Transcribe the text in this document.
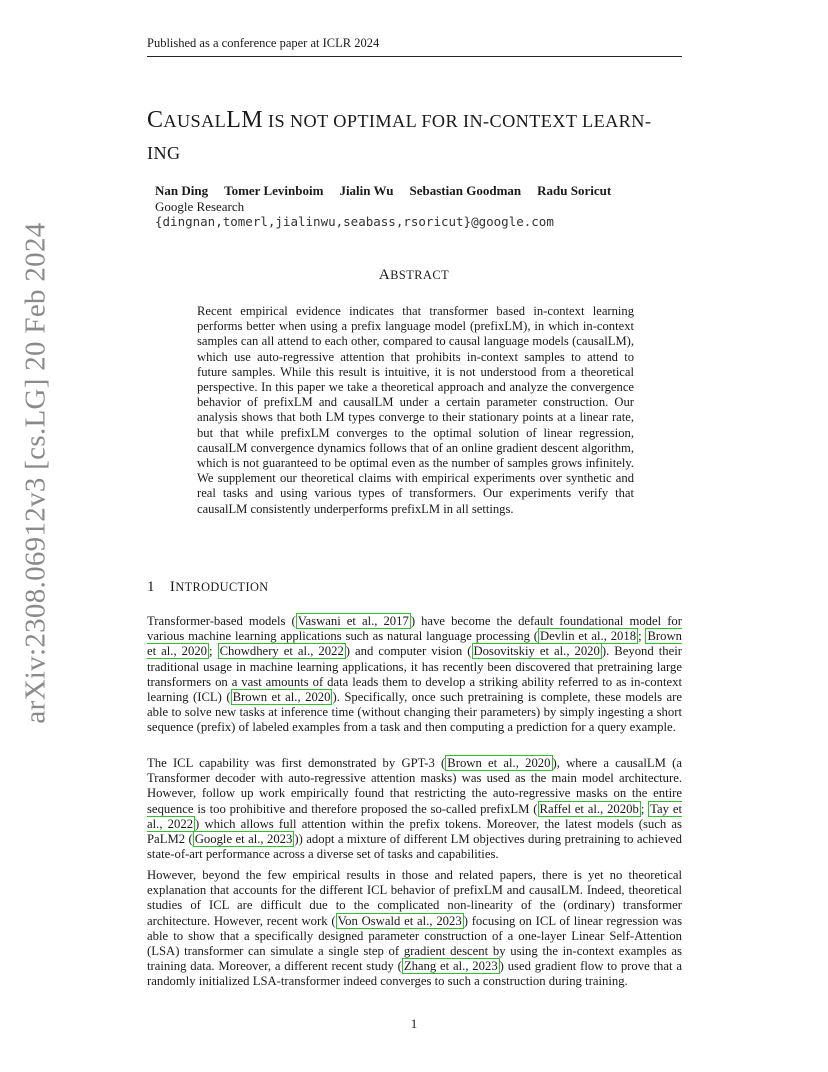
Published as a conference paper at ICLR 2024
arXiv:2308.06912v3 [cs.LG] 20 Feb 2024
CAUSALLM IS NOT OPTIMAL FOR IN-CONTEXT LEARN-
ING
Nan Ding Tomer Levinboim Jialin Wu Sebastian Goodman Radu Soricut
Google Research
{dingnan,tomerl,jialinwu,seabass,rsoricut}@google.com
ABSTRACT

Recent empirical evidence indicates that transformer based in-context learning performs better when using a prefix language model (prefixLM), in which in-context samples can all attend to each other, compared to causal language models (causalLM), which use auto-regressive attention that prohibits in-context samples to attend to future samples. While this result is intuitive, it is not understood from a theoretical perspective. In this paper we take a theoretical approach and analyze the convergence behavior of prefixLM and causalLM under a certain parameter construction. Our analysis shows that both LM types converge to their stationary points at a linear rate, but that while prefixLM converges to the optimal solution of linear regression, causalLM convergence dynamics follows that of an online gradient descent algorithm, which is not guaranteed to be optimal even as the number of samples grows infinitely. We supplement our theoretical claims with empirical experiments over synthetic and real tasks and using various types of transformers. Our experiments verify that causalLM consistently underperforms prefixLM in all settings.

1 INTRODUCTION

Transformer-based models ( Vaswani et al., 2017 ) have become the default foundational model for various machine learning applications such as natural language processing ( Devlin et al., 2018 ; Brown et al., 2020 ; Chowdhery et al., 2022 ) and computer vision ( Dosovitskiy et al., 2020 ). Beyond their traditional usage in machine learning applications, it has recently been discovered that pretraining large transformers on a vast amounts of data leads them to develop a striking ability referred to as in-context learning (ICL) ( Brown et al., 2020 ). Specifically, once such pretraining is complete, these models are able to solve new tasks at inference time (without changing their parameters) by simply ingesting a short sequence (prefix) of labeled examples from a task and then computing a prediction for a query example.

The ICL capability was first demonstrated by GPT-3 ( Brown et al., 2020 ), where a causalLM (a Transformer decoder with auto-regressive attention masks) was used as the main model architecture. However, follow up work empirically found that restricting the auto-regressive masks on the entire sequence is too prohibitive and therefore proposed the so-called prefixLM ( Raffel et al., 2020b ; Tay et al., 2022 ) which allows full attention within the prefix tokens. Moreover, the latest models (such as PaLM2 ( Google et al., 2023 )) adopt a mixture of different LM objectives during pretraining to achieved state-of-art performance across a diverse set of tasks and capabilities.

However, beyond the few empirical results in those and related papers, there is yet no theoretical explanation that accounts for the different ICL behavior of prefixLM and causalLM. Indeed, theoretical studies of ICL are difficult due to the complicated non-linearity of the (ordinary) transformer architecture. However, recent work ( Von Oswald et al., 2023 ) focusing on ICL of linear regression was able to show that a specifically designed parameter construction of a one-layer Linear Self-Attention (LSA) transformer can simulate a single step of gradient descent by using the in-context examples as training data. Moreover, a different recent study ( Zhang et al., 2023 ) used gradient flow to prove that a randomly initialized LSA-transformer indeed converges to such a construction during training.

1
